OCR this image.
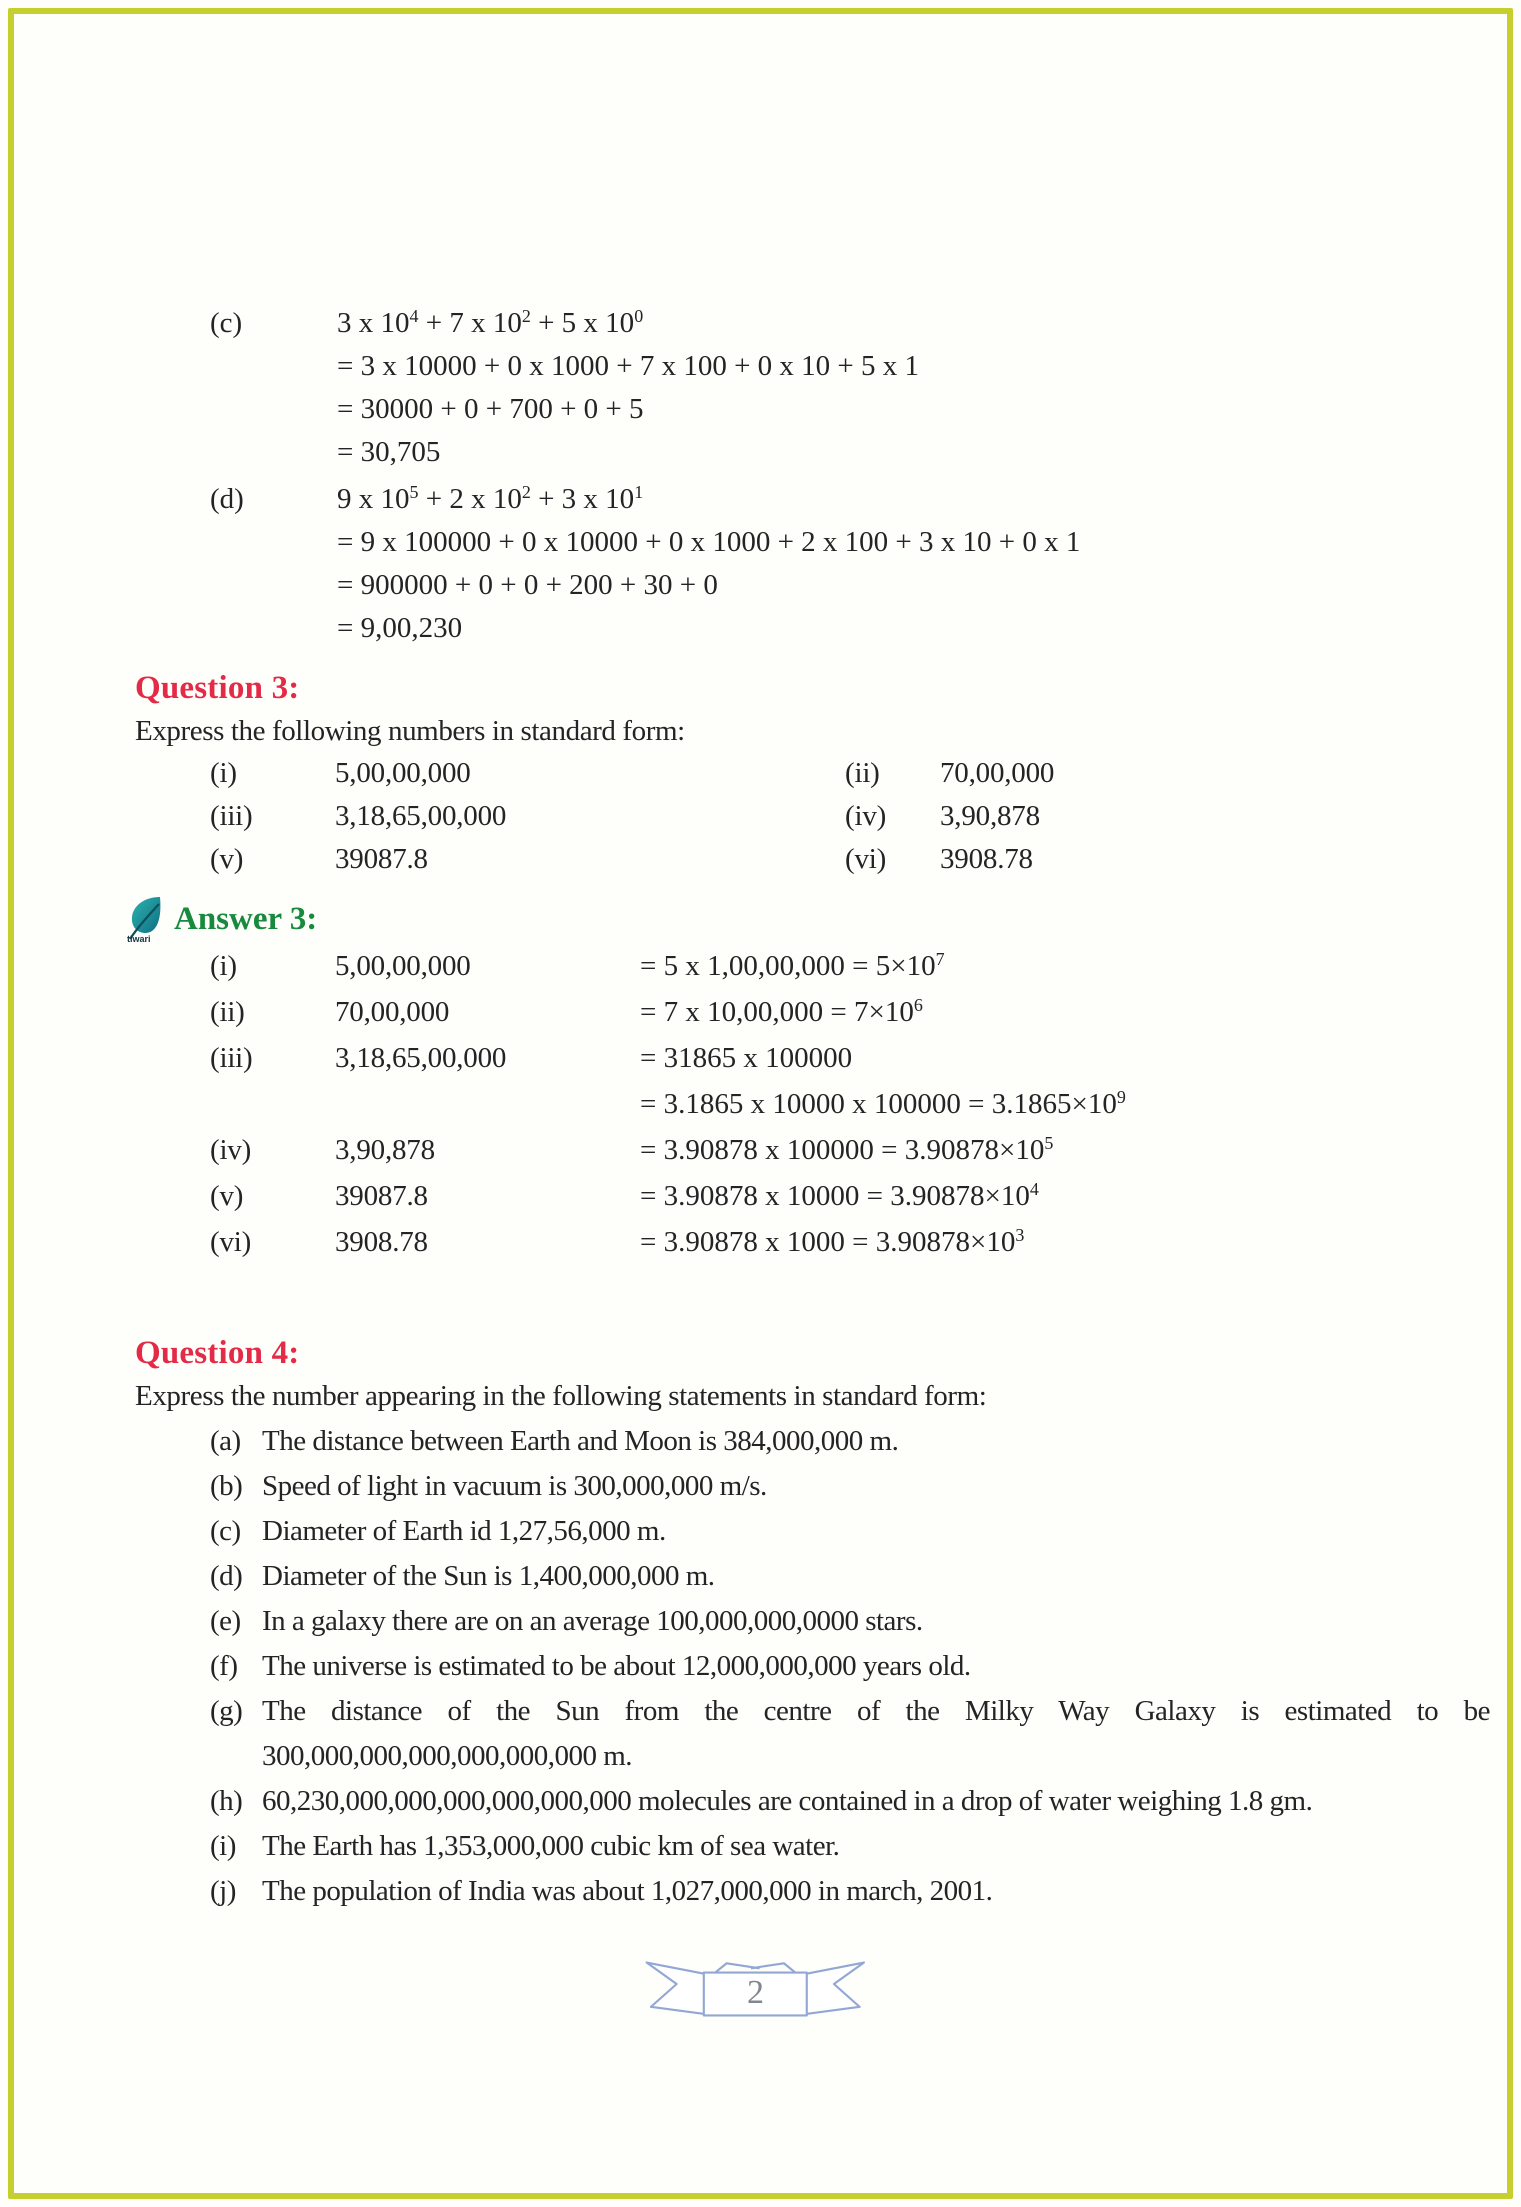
(c)	3 x $10^4 + 7$ x $10^2 + 5$ x $10^0$
= 3 x 10000 + 0 x 1000 + 7 x 100 + 0 x 10 + 5 x 1
= 30000 + 0 + 700 + 0 + 5
= 30,705
(d)	9 x $10^5 + 2$ x $10^2 + 3$ x $10^1$
= 9 x 100000 + 0 x 10000 + 0 x 1000 + 2 x 100 + 3 x 10 + 0 x 1
= 900000 + 0 + 0 + 200 + 30 + 0
= 9,00,230
Question 3:
Express the following numbers in standard form:
(i)	5,00,00,000	(ii)	70,00,000
(iii)	3,18,65,00,000	(iv)	3,90,878
(v)	39087.8	(vi)	3908.78
tiwari
Answer 3:
(i)	5,00,00,000	= 5 x $1,00,00,000 = 5\times 10^7$
(ii)	70,00,000	= 7 x $10,00,000 = 7\times 10^6$
(iii)	3,18,65,00,000	= 31865 x 100000
= 3.1865 x 10000 x $100000 = 3.1865\times 10^9$
(iv)	3,90,878	= 3.90878 x $100000 = 3.90878\times 10^5$
(v)	39087.8	= 3.90878 x $10000 = 3.90878\times 10^4$
(vi)	3908.78	= 3.90878 x $1000 = 3.90878\times 10^3$
Question 4:
Express the number appearing in the following statements in standard form:
(a) The distance between Earth and Moon is 384,000,000 m.
(b) Speed of light in vacuum is 300,000,000 m/s.
(c) Diameter of Earth id 1,27,56,000 m.
(d) Diameter of the Sun is 1,400,000,000 m.
(e) In a galaxy there are on an average 100,000,000,0000 stars.
(f) The universe is estimated to be about 12,000,000,000 years old.
(g) The distance of the Sun from the centre of the Milky Way Galaxy is estimated to be 300,000,000,000,000,000,000 m.
(h) 60,230,000,000,000,000,000,000 molecules are contained in a drop of water weighing 1.8 gm.
(i) The Earth has 1,353,000,000 cubic km of sea water.
(j) The population of India was about 1,027,000,000 in march, 2001.
2
